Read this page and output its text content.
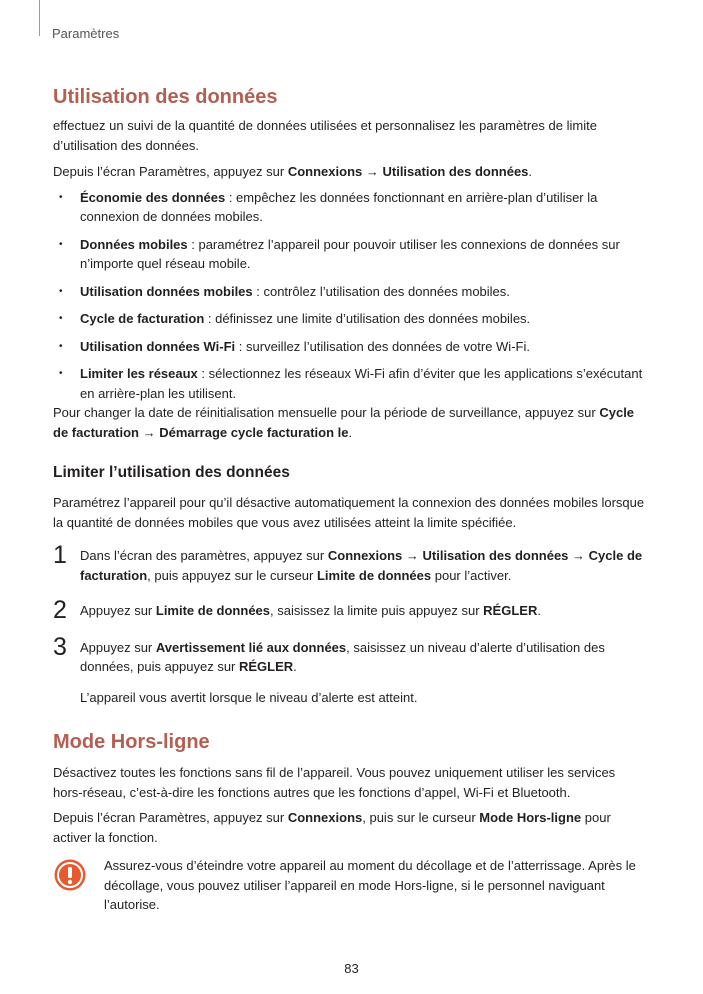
Paramètres
Utilisation des données

effectuez un suivi de la quantité de données utilisées et personnalisez les paramètres de limite d’utilisation des données.

Depuis l’écran Paramètres, appuyez sur Connexions → Utilisation des données.

• Économie des données : empêchez les données fonctionnant en arrière-plan d’utiliser la connexion de données mobiles.
• Données mobiles : paramétrez l’appareil pour pouvoir utiliser les connexions de données sur n’importe quel réseau mobile.
• Utilisation données mobiles : contrôlez l’utilisation des données mobiles.
• Cycle de facturation : définissez une limite d’utilisation des données mobiles.
• Utilisation données Wi-Fi : surveillez l’utilisation des données de votre Wi-Fi.
• Limiter les réseaux : sélectionnez les réseaux Wi-Fi afin d’éviter que les applications s’exécutant en arrière-plan les utilisent.

Pour changer la date de réinitialisation mensuelle pour la période de surveillance, appuyez sur Cycle de facturation → Démarrage cycle facturation le.

Limiter l’utilisation des données

Paramétrez l’appareil pour qu’il désactive automatiquement la connexion des données mobiles lorsque la quantité de données mobiles que vous avez utilisées atteint la limite spécifiée.

1 Dans l’écran des paramètres, appuyez sur Connexions → Utilisation des données → Cycle de facturation, puis appuyez sur le curseur Limite de données pour l’activer.
2 Appuyez sur Limite de données, saisissez la limite puis appuyez sur RÉGLER.
3 Appuyez sur Avertissement lié aux données, saisissez un niveau d’alerte d’utilisation des données, puis appuyez sur RÉGLER.

L’appareil vous avertit lorsque le niveau d’alerte est atteint.

Mode Hors-ligne

Désactivez toutes les fonctions sans fil de l’appareil. Vous pouvez uniquement utiliser les services hors-réseau, c’est-à-dire les fonctions autres que les fonctions d’appel, Wi-Fi et Bluetooth.

Depuis l’écran Paramètres, appuyez sur Connexions, puis sur le curseur Mode Hors-ligne pour activer la fonction.

Assurez-vous d’éteindre votre appareil au moment du décollage et de l’atterrissage. Après le décollage, vous pouvez utiliser l’appareil en mode Hors-ligne, si le personnel naviguant l’autorise.
83
